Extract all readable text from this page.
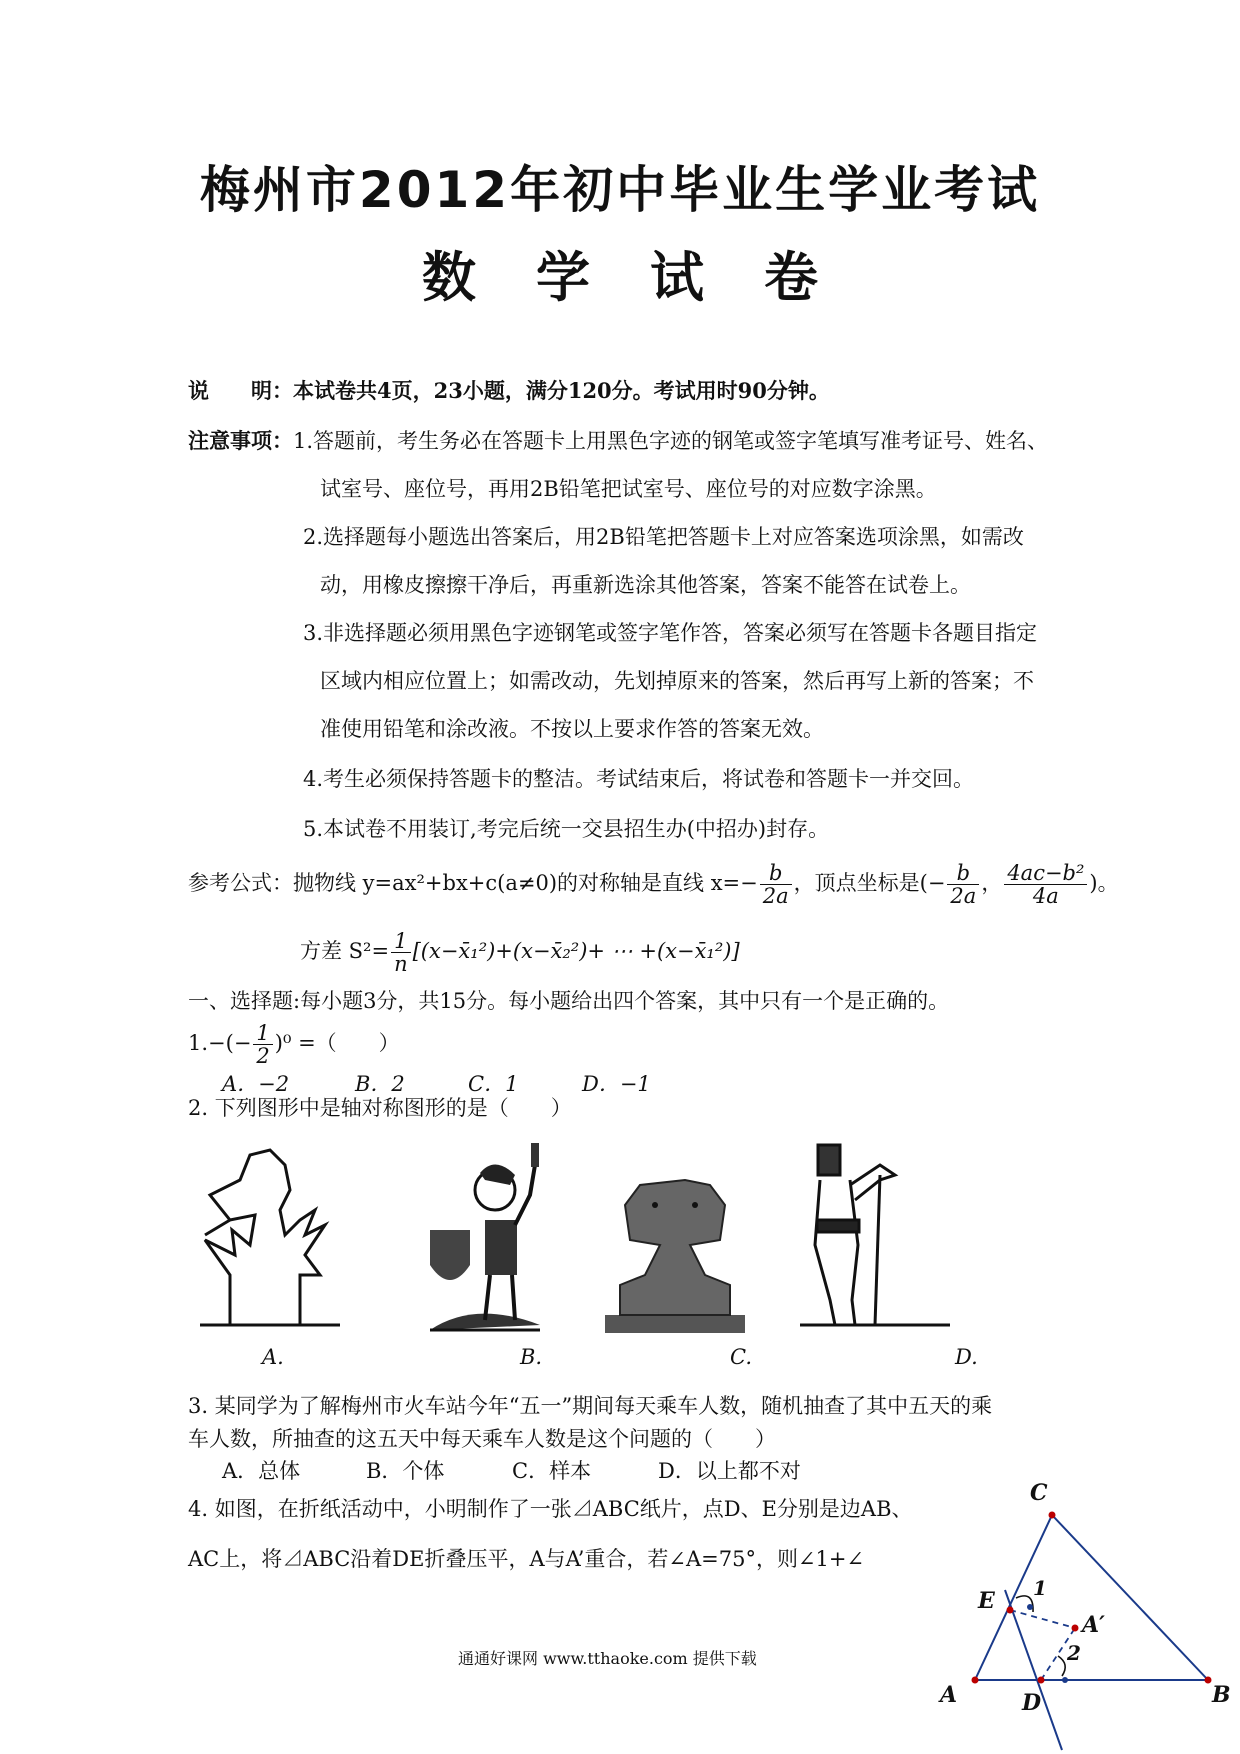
梅州市2012年初中毕业生学业考试
数学试卷
说　　明：本试卷共4页，23小题，满分120分。考试用时90分钟。
注意事项：1.答题前，考生务必在答题卡上用黑色字迹的钢笔或签字笔填写准考证号、姓名、
试室号、座位号，再用2B铅笔把试室号、座位号的对应数字涂黑。
2.选择题每小题选出答案后，用2B铅笔把答题卡上对应答案选项涂黑，如需改
动，用橡皮擦擦干净后，再重新选涂其他答案，答案不能答在试卷上。
3.非选择题必须用黑色字迹钢笔或签字笔作答，答案必须写在答题卡各题目指定
区域内相应位置上；如需改动，先划掉原来的答案，然后再写上新的答案；不
准使用铅笔和涂改液。不按以上要求作答的答案无效。
4.考生必须保持答题卡的整洁。考试结束后，将试卷和答题卡一并交回。
5.本试卷不用装订,考完后统一交县招生办(中招办)封存。
参考公式：抛物线 y=ax²+bx+c(a≠0)的对称轴是直线 $x=- \frac{b}{2a}$ ，顶点坐标是(− $\frac{b}{2a}$ ， $\frac{\text{4ac−b²}}{4a}$ )。
方差 $S^2= \frac{1}{n}$ [(x−x̄₁²)+(x−x̄₂²)+ ⋯ +(x−x̄₁²)]
一、选择题:每小题3分，共15分。每小题给出四个答案，其中只有一个是正确的。
$1.-(- \frac{1}{2} )^0$ =（　　）
A．−2	B．2	C．1	D．−1
2. 下列图形中是轴对称图形的是（　　）
A.	B.	C.	D.
3. 某同学为了解梅州市火车站今年“五一”期间每天乘车人数，随机抽查了其中五天的乘
车人数，所抽查的这五天中每天乘车人数是这个问题的（　　）
A．总体	B．个体	C．样本	D．以上都不对
4. 如图，在折纸活动中，小明制作了一张⊿ABC纸片，点D、E分别是边AB、
AC上，将⊿ABC沿着DE折叠压平，A与A’重合，若∠A=75°，则∠1+∠
A	B
C
D
E
A′
1
2
通通好课网 www.tthaoke.com 提供下载
